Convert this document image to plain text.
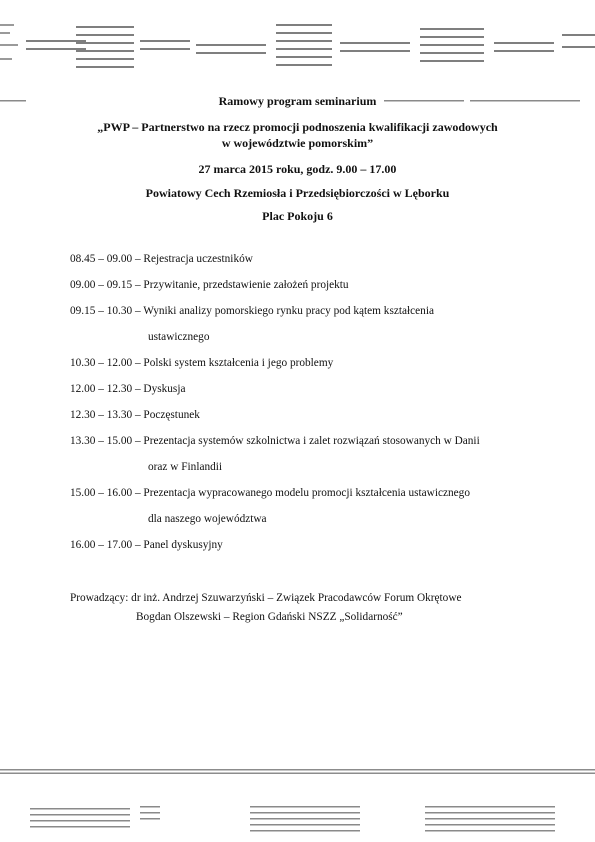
Ramowy program seminarium
„PWP – Partnerstwo na rzecz promocji podnoszenia kwalifikacji zawodowych
w województwie pomorskim”
27 marca 2015 roku, godz. 9.00 – 17.00
Powiatowy Cech Rzemiosła i Przedsiębiorczości w Lęborku
Plac Pokoju 6
08.45 – 09.00 – Rejestracja uczestników
09.00 – 09.15 – Przywitanie, przedstawienie założeń projektu
09.15 – 10.30 – Wyniki analizy pomorskiego rynku pracy pod kątem kształcenia
ustawicznego
10.30 – 12.00 – Polski system kształcenia i jego problemy
12.00 – 12.30 – Dyskusja
12.30 – 13.30 – Poczęstunek
13.30 – 15.00 – Prezentacja systemów szkolnictwa i zalet rozwiązań stosowanych w Danii
oraz w Finlandii
15.00 – 16.00 – Prezentacja wypracowanego modelu promocji kształcenia ustawicznego
dla naszego województwa
16.00 – 17.00 – Panel dyskusyjny
Prowadzący: dr inż. Andrzej Szuwarzyński – Związek Pracodawców Forum Okrętowe
Bogdan Olszewski – Region Gdański NSZZ „Solidarność”
